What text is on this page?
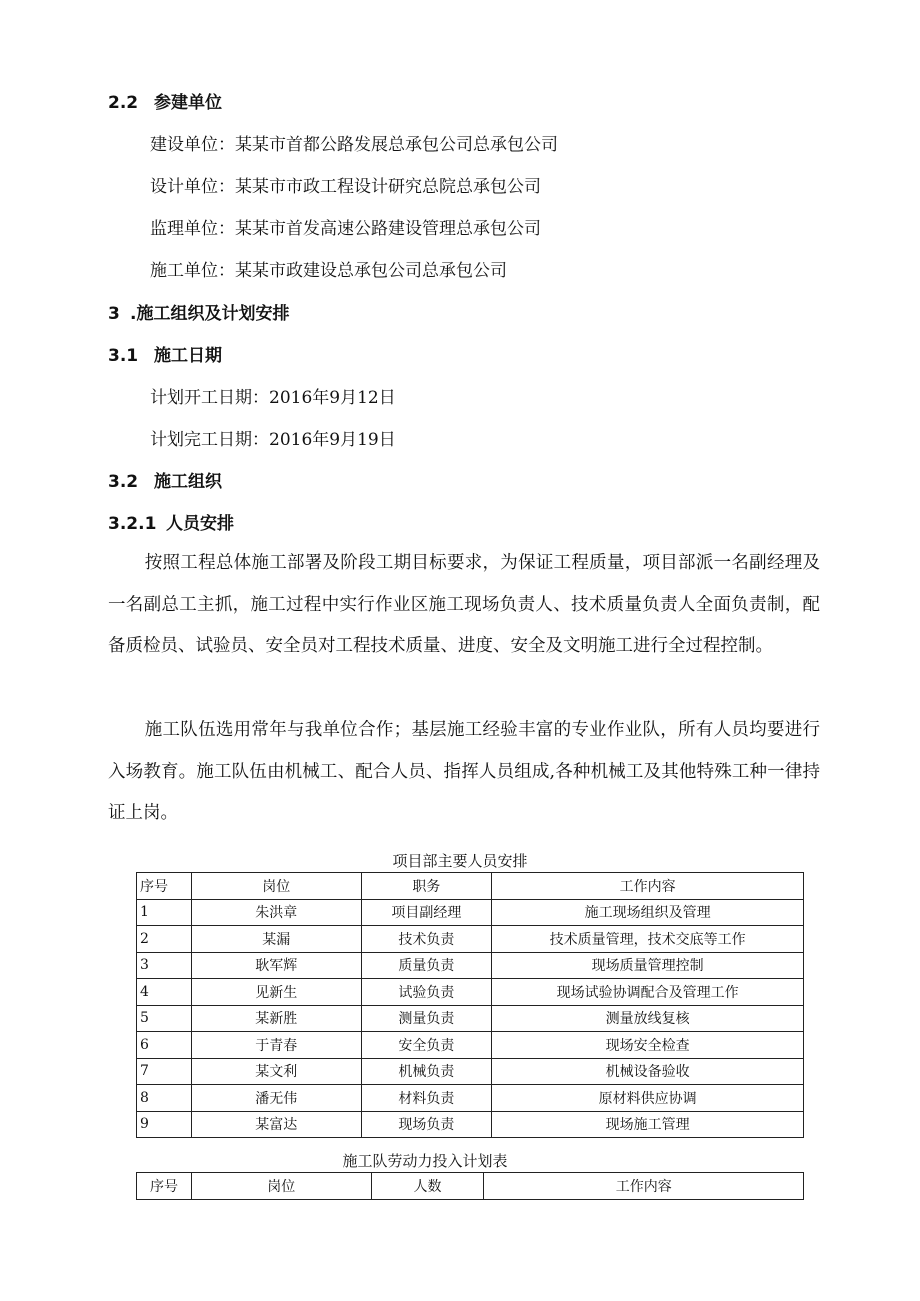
2.2 参建单位
建设单位：某某市首都公路发展总承包公司总承包公司
设计单位：某某市市政工程设计研究总院总承包公司
监理单位：某某市首发高速公路建设管理总承包公司
施工单位：某某市政建设总承包公司总承包公司
3 .施工组织及计划安排
3.1 施工日期
计划开工日期：2016年9月12日
计划完工日期：2016年9月19日
3.2 施工组织
3.2.1 人员安排

按照工程总体施工部署及阶段工期目标要求，为保证工程质量，项目部派一名副经理及一名副总工主抓，施工过程中实行作业区施工现场负责人、技术质量负责人全面负责制，配备质检员、试验员、安全员对工程技术质量、进度、安全及文明施工进行全过程控制。

施工队伍选用常年与我单位合作；基层施工经验丰富的专业作业队，所有人员均要进行入场教育。施工队伍由机械工、配合人员、指挥人员组成,各种机械工及其他特殊工种一律持证上岗。

项目部主要人员安排
序号	岗位	职务	工作内容
1	朱洪章	项目副经理	施工现场组织及管理
2	某漏	技术负责	技术质量管理，技术交底等工作
3	耿军辉	质量负责	现场质量管理控制
4	见新生	试验负责	现场试验协调配合及管理工作
5	某新胜	测量负责	测量放线复核
6	于青春	安全负责	现场安全检查
7	某文利	机械负责	机械设备验收
8	潘无伟	材料负责	原材料供应协调
9	某富达	现场负责	现场施工管理
施工队劳动力投入计划表
序号	岗位	人数	工作内容
